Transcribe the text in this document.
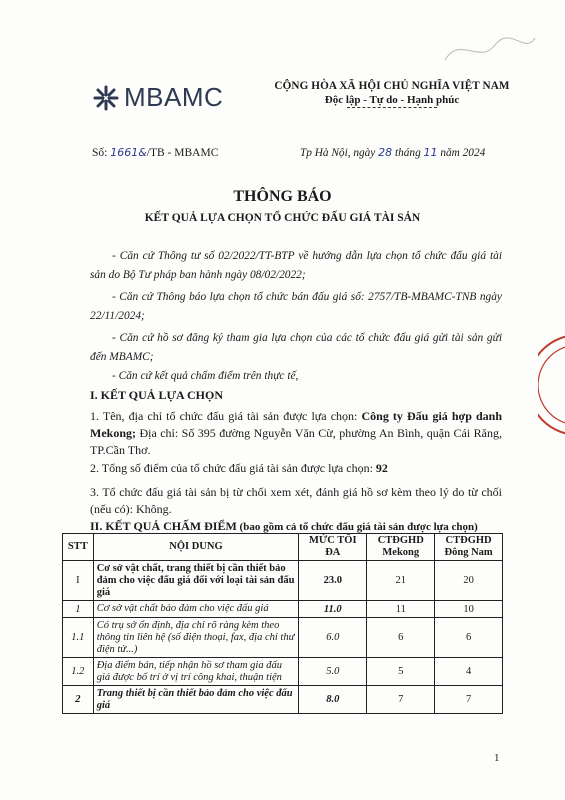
MBAMC	CỘNG HÒA XÃ HỘI CHỦ NGHĨA VIỆT NAM
Độc lập - Tự do - Hạnh phúc
Số: 1661&/TB - MBAMC	Tp Hà Nội, ngày 28 tháng 11 năm 2024
THÔNG BÁO
KẾT QUẢ LỰA CHỌN TỔ CHỨC ĐẤU GIÁ TÀI SẢN

- Căn cứ Thông tư số 02/2022/TT-BTP về hướng dẫn lựa chọn tổ chức đấu giá tài sản do Bộ Tư pháp ban hành ngày 08/02/2022;

- Căn cứ Thông báo lựa chọn tổ chức bán đấu giá số: 2757/TB-MBAMC-TNB ngày 22/11/2024;

- Căn cứ hồ sơ đăng ký tham gia lựa chọn của các tổ chức đấu giá gửi tài sản gửi đến MBAMC;

- Căn cứ kết quả chấm điểm trên thực tế,

I. KẾT QUẢ LỰA CHỌN
1. Tên, địa chỉ tổ chức đấu giá tài sản được lựa chọn: Công ty Đấu giá hợp danh Mekong; Địa chỉ: Số 395 đường Nguyễn Văn Cừ, phường An Bình, quận Cái Răng, TP.Cần Thơ.
2. Tổng số điểm của tổ chức đấu giá tài sản được lựa chọn: 92
3. Tổ chức đấu giá tài sản bị từ chối xem xét, đánh giá hồ sơ kèm theo lý do từ chối (nếu có): Không.
II. KẾT QUẢ CHẤM ĐIỂM (bao gồm cả tổ chức đấu giá tài sản được lựa chọn)
STT	NỘI DUNG	MỨC TỐI ĐA	CTĐGHD Mekong	CTĐGHD Đông Nam
I	Cơ sở vật chất, trang thiết bị cần thiết bảo đảm cho việc đấu giá đối với loại tài sản đấu giá	23.0	21	20
1	Cơ sở vật chất bảo đảm cho việc đấu giá	11.0	11	10
1.1	Có trụ sở ổn định, địa chỉ rõ ràng kèm theo thông tin liên hệ (số điện thoại, fax, địa chỉ thư điện tử...)	6.0	6	6
1.2	Địa điểm bán, tiếp nhận hồ sơ tham gia đấu giá được bố trí ở vị trí công khai, thuận tiện	5.0	5	4
2	Trang thiết bị cần thiết bảo đảm cho việc đấu giá	8.0	7	7
1
